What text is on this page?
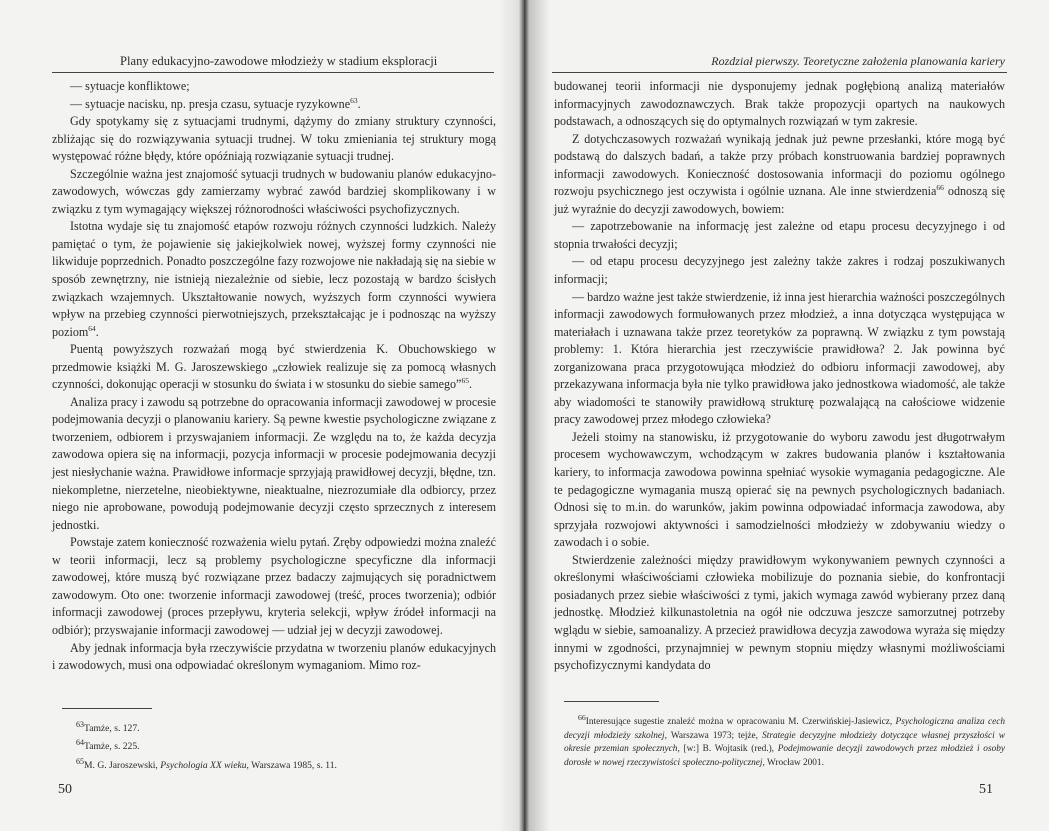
Plany edukacyjno-zawodowe młodzieży w stadium eksploracji

— sytuacje konfliktowe;

— sytuacje nacisku, np. presja czasu, sytuacje ryzykowne$^{63}$.

Gdy spotykamy się z sytuacjami trudnymi, dążymy do zmiany struktury czynności, zbliżając się do rozwiązywania sytuacji trudnej. W toku zmieniania tej struktury mogą występować różne błędy, które opóźniają rozwiązanie sytuacji trudnej.

Szczególnie ważna jest znajomość sytuacji trudnych w budowaniu planów edukacyjno-zawodowych, wówczas gdy zamierzamy wybrać zawód bardziej skomplikowany i w związku z tym wymagający większej różnorodności właściwości psychofizycznych.

Istotna wydaje się tu znajomość etapów rozwoju różnych czynności ludzkich. Należy pamiętać o tym, że pojawienie się jakiejkolwiek nowej, wyższej formy czynności nie likwiduje poprzednich. Ponadto poszczególne fazy rozwojowe nie nakładają się na siebie w sposób zewnętrzny, nie istnieją niezależnie od siebie, lecz pozostają w bardzo ścisłych związkach wzajemnych. Ukształtowanie nowych, wyższych form czynności wywiera wpływ na przebieg czynności pierwotniejszych, przekształcając je i podnosząc na wyższy poziom$^{64}$.

Puentą powyższych rozważań mogą być stwierdzenia K. Obuchowskiego w przedmowie książki M. G. Jaroszewskiego „człowiek realizuje się za pomocą własnych czynności, dokonując operacji w stosunku do świata i w stosunku do siebie samego”$^{65}$.

Analiza pracy i zawodu są potrzebne do opracowania informacji zawodowej w procesie podejmowania decyzji o planowaniu kariery. Są pewne kwestie psychologiczne związane z tworzeniem, odbiorem i przyswajaniem informacji. Ze względu na to, że każda decyzja zawodowa opiera się na informacji, pozycja informacji w procesie podejmowania decyzji jest niesłychanie ważna. Prawidłowe informacje sprzyjają prawidłowej decyzji, błędne, tzn. niekompletne, nierzetelne, nieobiektywne, nieaktualne, niezrozumiałe dla odbiorcy, przez niego nie aprobowane, powodują podejmowanie decyzji często sprzecznych z interesem jednostki.

Powstaje zatem konieczność rozważenia wielu pytań. Zręby odpowiedzi można znaleźć w teorii informacji, lecz są problemy psychologiczne specyficzne dla informacji zawodowej, które muszą być rozwiązane przez badaczy zajmujących się poradnictwem zawodowym. Oto one: tworzenie informacji zawodowej (treść, proces tworzenia); odbiór informacji zawodowej (proces przepływu, kryteria selekcji, wpływ źródeł informacji na odbiór); przyswajanie informacji zawodowej — udział jej w decyzji zawodowej.

Aby jednak informacja była rzeczywiście przydatna w tworzeniu planów edukacyjnych i zawodowych, musi ona odpowiadać określonym wymaganiom. Mimo roz-

$^{63}$Tamże, s. 127.

$^{64}$Tamże, s. 225.

$^{65}$M. G. Jaroszewski, Psychologia XX wieku, Warszawa 1985, s. 11.

50
Rozdział pierwszy. Teoretyczne założenia planowania kariery

budowanej teorii informacji nie dysponujemy jednak pogłębioną analizą materiałów informacyjnych zawodoznawczych. Brak także propozycji opartych na naukowych podstawach, a odnoszących się do optymalnych rozwiązań w tym zakresie.

Z dotychczasowych rozważań wynikają jednak już pewne przesłanki, które mogą być podstawą do dalszych badań, a także przy próbach konstruowania bardziej poprawnych informacji zawodowych. Konieczność dostosowania informacji do poziomu ogólnego rozwoju psychicznego jest oczywista i ogólnie uznana. Ale inne stwierdzenia$^{66}$ odnoszą się już wyraźnie do decyzji zawodowych, bowiem:

— zapotrzebowanie na informację jest zależne od etapu procesu decyzyjnego i od stopnia trwałości decyzji;

— od etapu procesu decyzyjnego jest zależny także zakres i rodzaj poszukiwanych informacji;

— bardzo ważne jest także stwierdzenie, iż inna jest hierarchia ważności poszczególnych informacji zawodowych formułowanych przez młodzież, a inna dotycząca występująca w materiałach i uznawana także przez teoretyków za poprawną. W związku z tym powstają problemy: 1. Która hierarchia jest rzeczywiście prawidłowa? 2. Jak powinna być zorganizowana praca przygotowująca młodzież do odbioru informacji zawodowej, aby przekazywana informacja była nie tylko prawidłowa jako jednostkowa wiadomość, ale także aby wiadomości te stanowiły prawidłową strukturę pozwalającą na całościowe widzenie pracy zawodowej przez młodego człowieka?

Jeżeli stoimy na stanowisku, iż przygotowanie do wyboru zawodu jest długotrwałym procesem wychowawczym, wchodzącym w zakres budowania planów i kształtowania kariery, to informacja zawodowa powinna spełniać wysokie wymagania pedagogiczne. Ale te pedagogiczne wymagania muszą opierać się na pewnych psychologicznych badaniach. Odnosi się to m.in. do warunków, jakim powinna odpowiadać informacja zawodowa, aby sprzyjała rozwojowi aktywności i samodzielności młodzieży w zdobywaniu wiedzy o zawodach i o sobie.

Stwierdzenie zależności między prawidłowym wykonywaniem pewnych czynności a określonymi właściwościami człowieka mobilizuje do poznania siebie, do konfrontacji posiadanych przez siebie właściwości z tymi, jakich wymaga zawód wybierany przez daną jednostkę. Młodzież kilkunastoletnia na ogół nie odczuwa jeszcze samorzutnej potrzeby wglądu w siebie, samoanalizy. A przecież prawidłowa decyzja zawodowa wyraża się między innymi w zgodności, przynajmniej w pewnym stopniu między własnymi możliwościami psychofizycznymi kandydata do

$^{66}$Interesujące sugestie znaleźć można w opracowaniu M. Czerwińskiej-Jasiewicz, Psychologiczna analiza cech decyzji młodzieży szkolnej, Warszawa 1973; tejże, Strategie decyzyjne młodzieży dotyczące własnej przyszłości w okresie przemian społecznych, [w:] B. Wojtasik (red.), Podejmowanie decyzji zawodowych przez młodzież i osoby dorosłe w nowej rzeczywistości społeczno-politycznej, Wrocław 2001.

51
